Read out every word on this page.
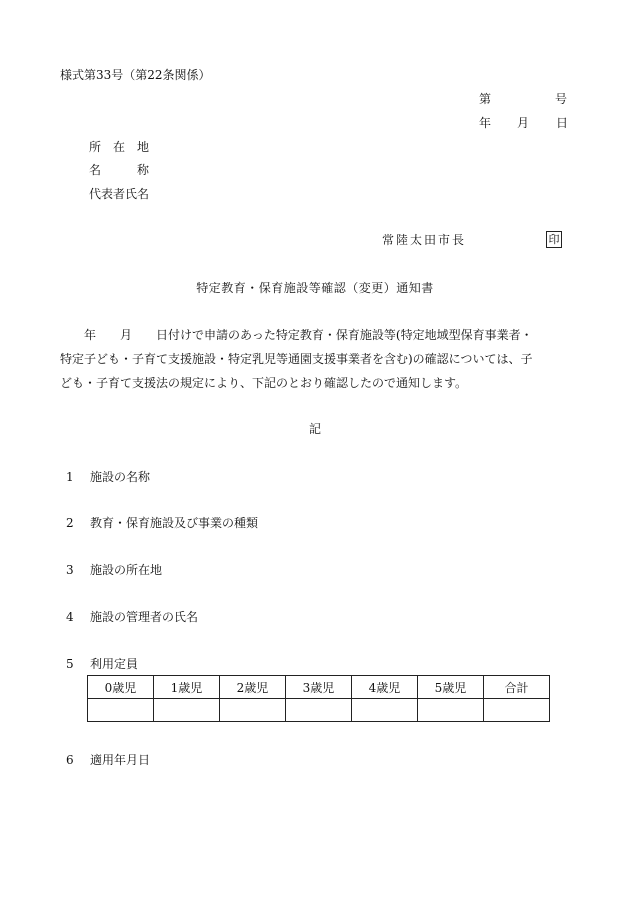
様式第33号（第22条関係）
第	号
年 月 日
所在地
名	称
代表者氏名
常陸太田市長	印
特定教育・保育施設等確認（変更）通知書
　　年　　月　　日付けで申請のあった特定教育・保育施設等(特定地域型保育事業者・
特定子ども・子育て支援施設・特定乳児等通園支援事業者を含む)の確認については、子
ども・子育て支援法の規定により、下記のとおり確認したので通知します。
記
1 施設の名称
2 教育・保育施設及び事業の種類
3 施設の所在地
4 施設の管理者の氏名
5 利用定員
0歳児	1歳児	2歳児	3歳児	4歳児	5歳児	合計

6 適用年月日
